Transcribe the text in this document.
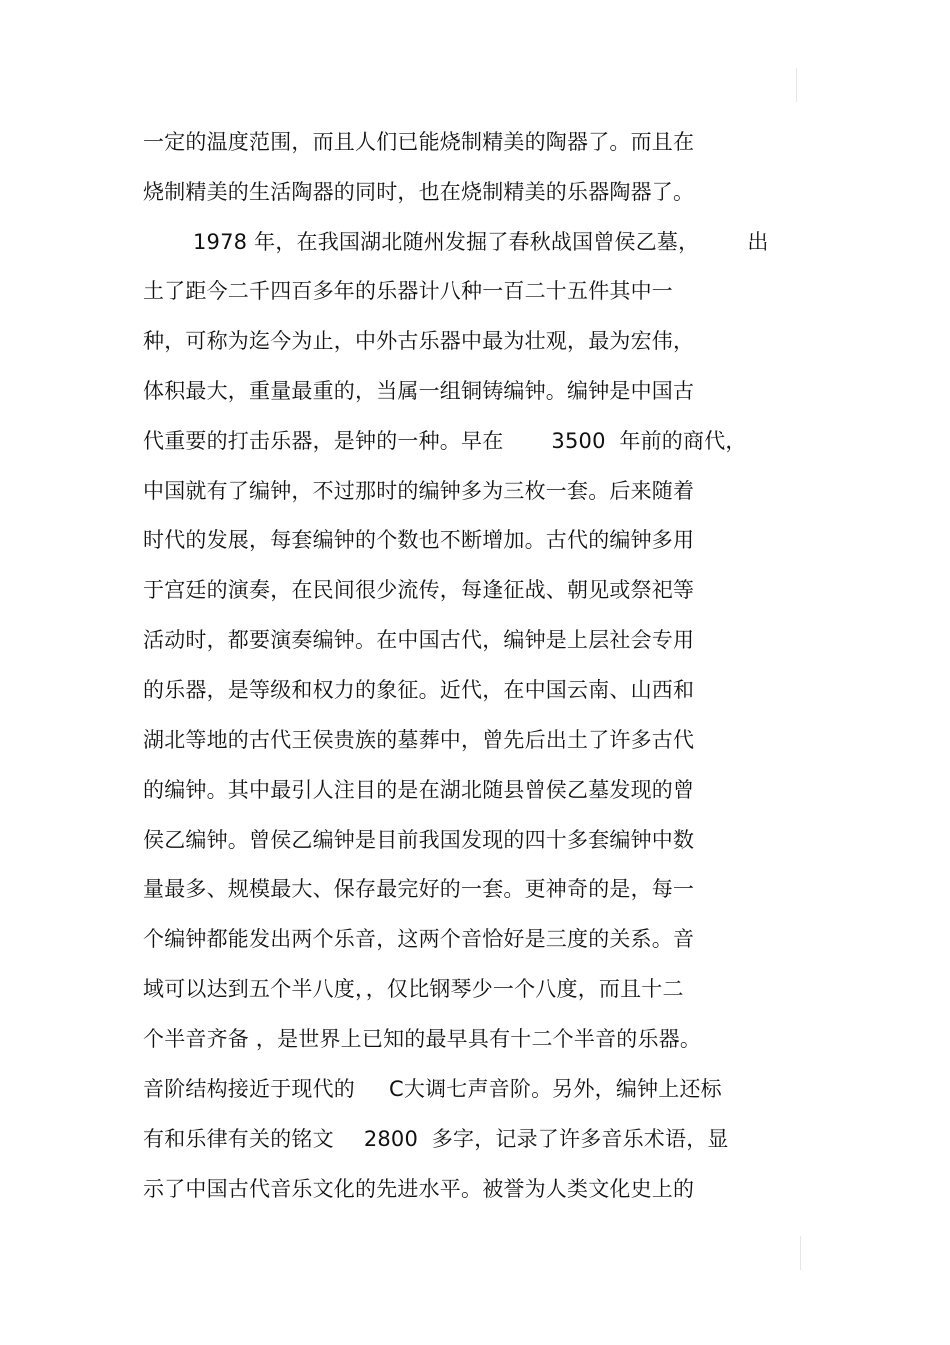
一定的温度范围，而且人们已能烧制精美的陶器了。而且在
烧制精美的生活陶器的同时，也在烧制精美的乐器陶器了。
1978 年，在我国湖北随州发掘了春秋战国曾侯乙墓， 出
土了距今二千四百多年的乐器计八种一百二十五件其中一
种，可称为迄今为止，中外古乐器中最为壮观，最为宏伟，
体积最大，重量最重的，当属一组铜铸编钟。编钟是中国古
代重要的打击乐器，是钟的一种。早在 3500  年前的商代，
中国就有了编钟，不过那时的编钟多为三枚一套。后来随着
时代的发展，每套编钟的个数也不断增加。古代的编钟多用
于宫廷的演奏，在民间很少流传，每逢征战、朝见或祭祀等
活动时，都要演奏编钟。在中国古代，编钟是上层社会专用
的乐器，是等级和权力的象征。近代，在中国云南、山西和
湖北等地的古代王侯贵族的墓葬中，曾先后出土了许多古代
的编钟。其中最引人注目的是在湖北随县曾侯乙墓发现的曾
侯乙编钟。曾侯乙编钟是目前我国发现的四十多套编钟中数
量最多、规模最大、保存最完好的一套。更神奇的是，每一
个编钟都能发出两个乐音，这两个音恰好是三度的关系。音
域可以达到五个半八度，，仅比钢琴少一个八度，而且十二
个半音齐备 ，是世界上已知的最早具有十二个半音的乐器。
音阶结构接近于现代的 C大调七声音阶。另外，编钟上还标
有和乐律有关的铭文 2800  多字，记录了许多音乐术语，显
示了中国古代音乐文化的先进水平。被誉为人类文化史上的
